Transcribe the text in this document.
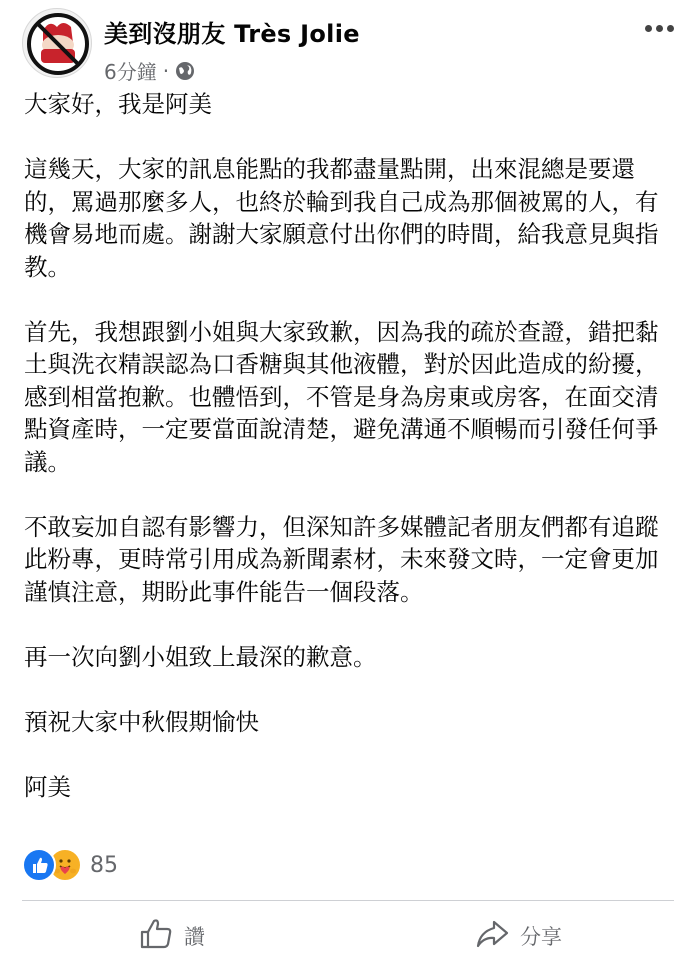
美到沒朋友 Très Jolie
6分鐘 ·

大家好，我是阿美

這幾天，大家的訊息能點的我都盡量點開，出來混總是要還的，罵過那麼多人，也終於輪到我自己成為那個被罵的人，有機會易地而處。謝謝大家願意付出你們的時間，給我意見與指教。

首先，我想跟劉小姐與大家致歉，因為我的疏於查證，錯把黏土與洗衣精誤認為口香糖與其他液體，對於因此造成的紛擾，感到相當抱歉。也體悟到，不管是身為房東或房客，在面交清點資產時，一定要當面說清楚，避免溝通不順暢而引發任何爭議。

不敢妄加自認有影響力，但深知許多媒體記者朋友們都有追蹤此粉專，更時常引用成為新聞素材，未來發文時，一定會更加謹慎注意，期盼此事件能告一個段落。

再一次向劉小姐致上最深的歉意。

預祝大家中秋假期愉快

阿美

85
讚	分享
